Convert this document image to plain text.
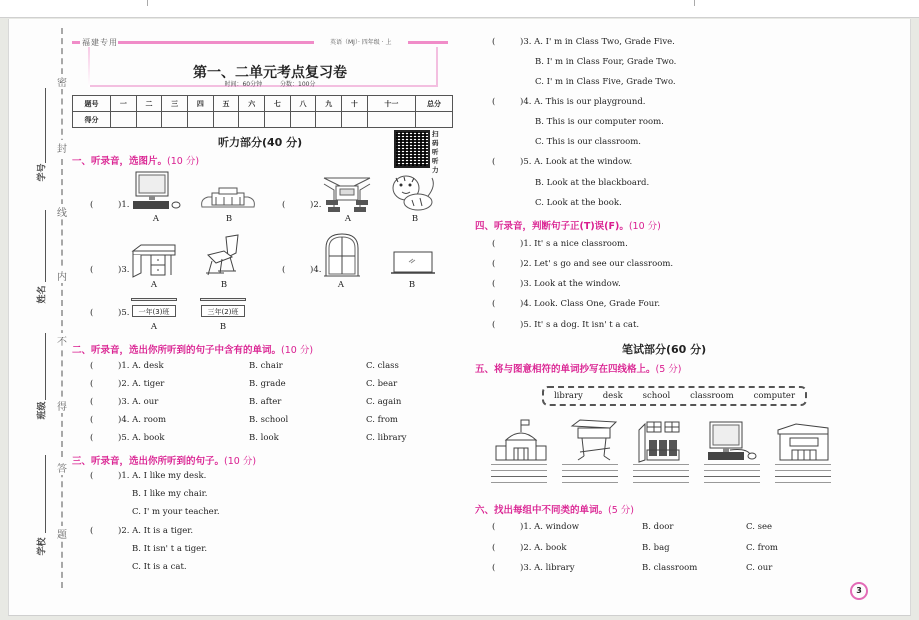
密
封
线
内
不
得
答
题
学号
姓名
班级
学校
福建专用	英语（MJ）· 四年级 · 上
第一、二单元考点复习卷
时间：60分钟	分数：100分
题号	一	二	三	四	五	六	七	八	九	十	十一	总分
得分												
听力部分(40 分)
扫码听听力
一、听录音，选图片。(10 分)
(	)1.
A	B
(	)2.
A	B
(	)3.
A	B
(	)4.
A	B
(	)5.	一年(3)班
A
三年(2)班
B
二、听录音，选出你所听到的句子中含有的单词。(10 分)
(	)1. A. desk	B. chair	C. class
(	)2. A. tiger	B. grade	C. bear
(	)3. A. our	B. after	C. again
(	)4. A. room	B. school	C. from
(	)5. A. book	B. look	C. library
三、听录音，选出你所听到的句子。(10 分)
(	)1. A. I like my desk.
B. I like my chair.
C. I' m your teacher.
(	)2. A. It is a tiger.
B. It isn' t a tiger.
C. It is a cat.
(	)3. A. I' m in Class Two, Grade Five.
B. I' m in Class Four, Grade Two.
C. I' m in Class Five, Grade Two.
(	)4. A. This is our playground.
B. This is our computer room.
C. This is our classroom.
(	)5. A. Look at the window.
B. Look at the blackboard.
C. Look at the book.
四、听录音，判断句子正(T)误(F)。(10 分)
(	)1. It' s a nice classroom.
(	)2. Let' s go and see our classroom.
(	)3. Look at the window.
(	)4. Look. Class One, Grade Four.
(	)5. It' s a dog. It isn' t a cat.
笔试部分(60 分)
五、将与图意相符的单词抄写在四线格上。(5 分)
library desk school classroom computer
六、找出每组中不同类的单词。(5 分)
(	)1. A. window	B. door	C. see
(	)2. A. book	B. bag	C. from
(	)3. A. library	B. classroom	C. our
3
